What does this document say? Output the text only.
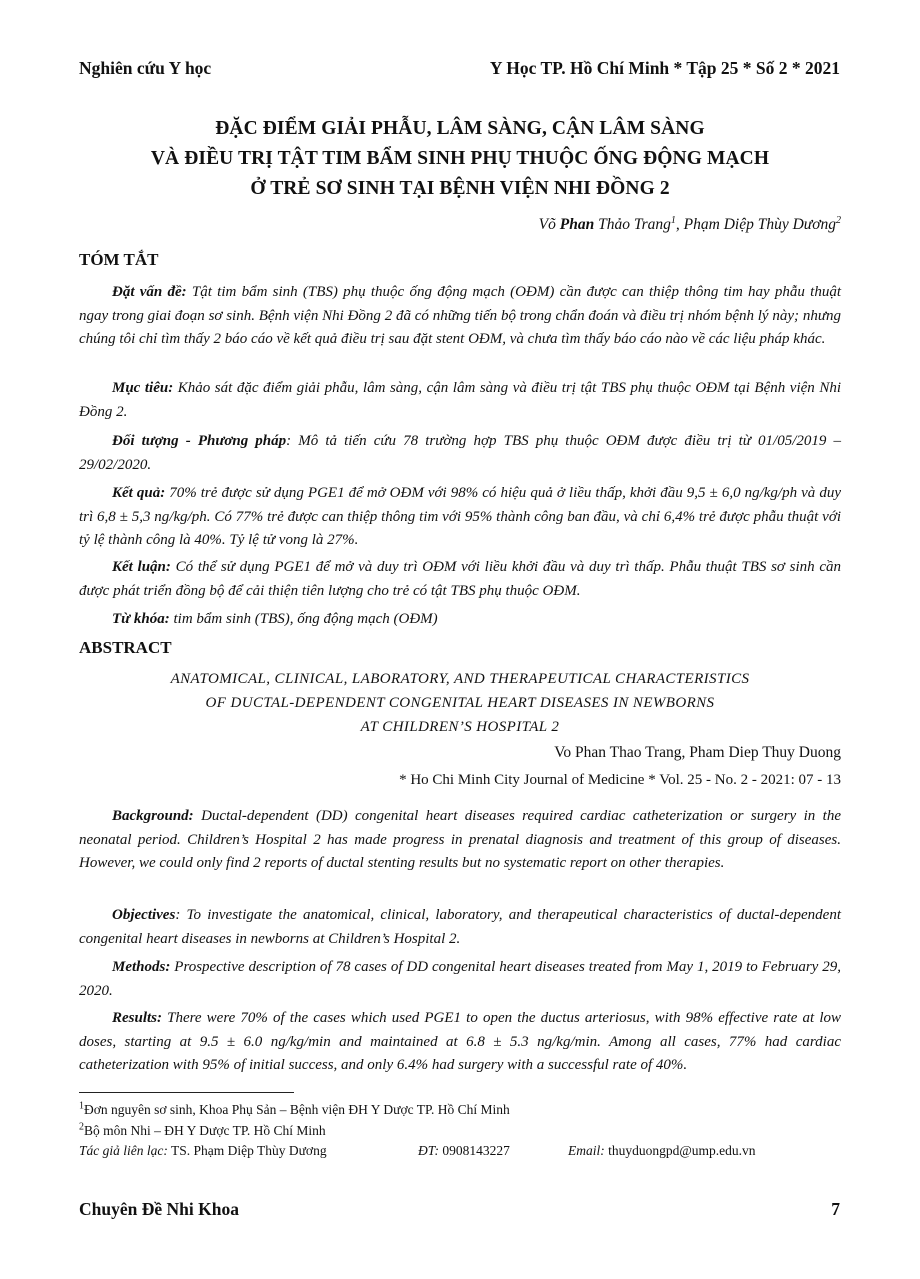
Nghiên cứu Y học	Y Học TP. Hồ Chí Minh * Tập 25 * Số 2 * 2021
ĐẶC ĐIỂM GIẢI PHẪU, LÂM SÀNG, CẬN LÂM SÀNG
VÀ ĐIỀU TRỊ TẬT TIM BẨM SINH PHỤ THUỘC ỐNG ĐỘNG MẠCH
Ở TRẺ SƠ SINH TẠI BỆNH VIỆN NHI ĐỒNG 2
Võ Phan Thảo Trang$^1$, Phạm Diệp Thùy Dương$^2$
TÓM TẮT

Đặt vấn đề: Tật tim bẩm sinh (TBS) phụ thuộc ống động mạch (OĐM) cần được can thiệp thông tim hay phẫu thuật ngay trong giai đoạn sơ sinh. Bệnh viện Nhi Đồng 2 đã có những tiến bộ trong chẩn đoán và điều trị nhóm bệnh lý này; nhưng chúng tôi chỉ tìm thấy 2 báo cáo về kết quả điều trị sau đặt stent OĐM, và chưa tìm thấy báo cáo nào về các liệu pháp khác.

Mục tiêu: Khảo sát đặc điểm giải phẫu, lâm sàng, cận lâm sàng và điều trị tật TBS phụ thuộc OĐM tại Bệnh viện Nhi Đồng 2.

Đối tượng - Phương pháp: Mô tả tiến cứu 78 trường hợp TBS phụ thuộc OĐM được điều trị từ 01/05/2019 – 29/02/2020.

Kết quả: 70% trẻ được sử dụng PGE1 để mở OĐM với 98% có hiệu quả ở liều thấp, khởi đầu 9,5 ± 6,0 ng/kg/ph và duy trì 6,8 ± 5,3 ng/kg/ph. Có 77% trẻ được can thiệp thông tim với 95% thành công ban đầu, và chỉ 6,4% trẻ được phẫu thuật với tỷ lệ thành công là 40%. Tỷ lệ tử vong là 27%.

Kết luận: Có thể sử dụng PGE1 để mở và duy trì OĐM với liều khởi đầu và duy trì thấp. Phẫu thuật TBS sơ sinh cần được phát triển đồng bộ để cải thiện tiên lượng cho trẻ có tật TBS phụ thuộc OĐM.

Từ khóa: tim bẩm sinh (TBS), ống động mạch (OĐM)

ABSTRACT
ANATOMICAL, CLINICAL, LABORATORY, AND THERAPEUTICAL CHARACTERISTICS
OF DUCTAL-DEPENDENT CONGENITAL HEART DISEASES IN NEWBORNS
AT CHILDREN’S HOSPITAL 2
Vo Phan Thao Trang, Pham Diep Thuy Duong
* Ho Chi Minh City Journal of Medicine * Vol. 25 - No. 2 - 2021: 07 - 13

Background: Ductal-dependent (DD) congenital heart diseases required cardiac catheterization or surgery in the neonatal period. Children’s Hospital 2 has made progress in prenatal diagnosis and treatment of this group of diseases. However, we could only find 2 reports of ductal stenting results but no systematic report on other therapies.

Objectives: To investigate the anatomical, clinical, laboratory, and therapeutical characteristics of ductal-dependent congenital heart diseases in newborns at Children’s Hospital 2.

Methods: Prospective description of 78 cases of DD congenital heart diseases treated from May 1, 2019 to February 29, 2020.

Results: There were 70% of the cases which used PGE1 to open the ductus arteriosus, with 98% effective rate at low doses, starting at 9.5 ± 6.0 ng/kg/min and maintained at 6.8 ± 5.3 ng/kg/min. Among all cases, 77% had cardiac catheterization with 95% of initial success, and only 6.4% had surgery with a successful rate of 40%.

$^1$Đơn nguyên sơ sinh, Khoa Phụ Sản – Bệnh viện ĐH Y Dược TP. Hồ Chí Minh
$^2$Bộ môn Nhi – ĐH Y Dược TP. Hồ Chí Minh
Tác giả liên lạc: TS. Phạm Diệp Thùy Dương	ĐT: 0908143227	Email: thuyduongpd@ump.edu.vn
Chuyên Đề Nhi Khoa	7
